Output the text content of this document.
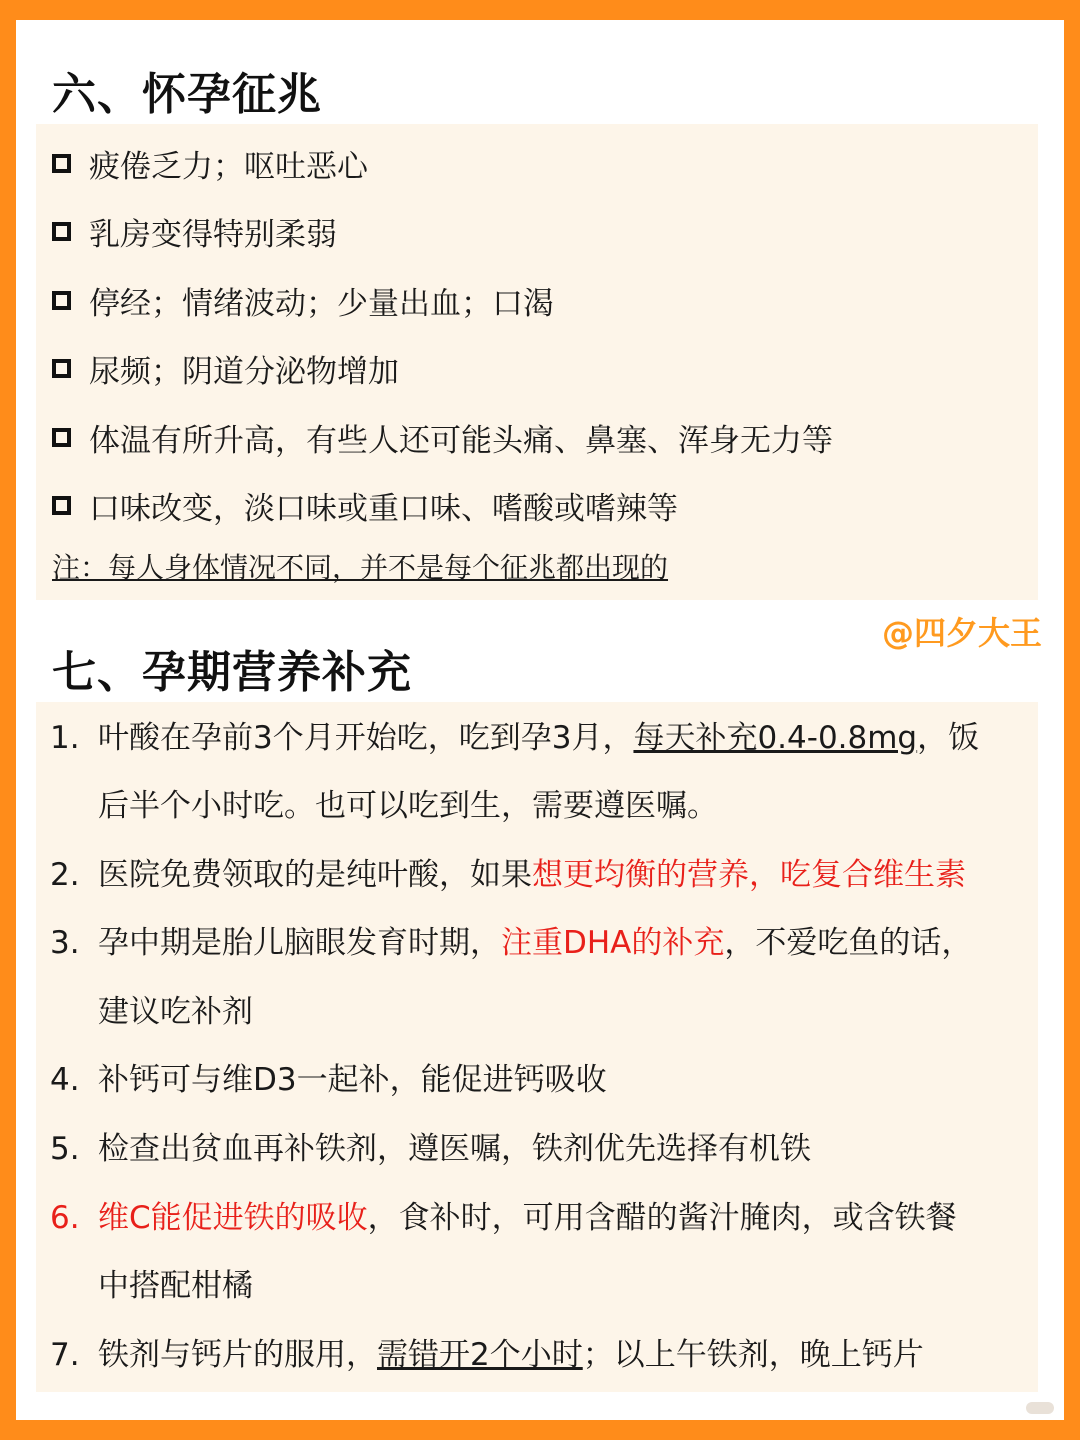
六、怀孕征兆
疲倦乏力；呕吐恶心
乳房变得特别柔弱
停经；情绪波动；少量出血；口渴
尿频；阴道分泌物增加
体温有所升高，有些人还可能头痛、鼻塞、浑身无力等
口味改变，淡口味或重口味、嗜酸或嗜辣等
注：每人身体情况不同，并不是每个征兆都出现的
@四夕大王
七、孕期营养补充
1. 叶酸在孕前3个月开始吃，吃到孕3月，每天补充0.4-0.8mg，饭
后半个小时吃。也可以吃到生，需要遵医嘱。
2. 医院免费领取的是纯叶酸，如果想更均衡的营养，吃复合维生素
3. 孕中期是胎儿脑眼发育时期，注重DHA的补充，不爱吃鱼的话，
建议吃补剂
4. 补钙可与维D3一起补，能促进钙吸收
5. 检查出贫血再补铁剂，遵医嘱，铁剂优先选择有机铁
6. 维C能促进铁的吸收，食补时，可用含醋的酱汁腌肉，或含铁餐
中搭配柑橘
7. 铁剂与钙片的服用，需错开2个小时；以上午铁剂，晚上钙片
